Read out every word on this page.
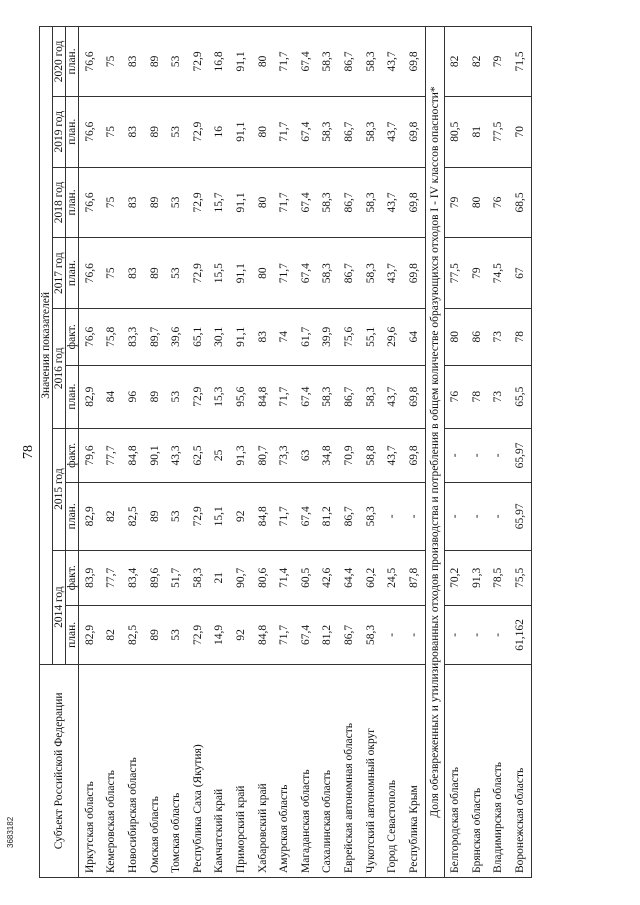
78
Субъект Российской Федерации	Значения показателей									
	2014 год		2015 год		2016 год		2017 год	2018 год	2019 год	2020 год
	план.	факт.	план.	факт.	план.	факт.	план.	план.	план.	план.
Иркутская область	82,9	83,9	82,9	79,6	82,9	76,6	76,6	76,6	76,6	76,6
Кемеровская область	82	77,7	82	77,7	84	75,8	75	75	75	75
Новосибирская область	82,5	83,4	82,5	84,8	96	83,3	83	83	83	83
Омская область	89	89,6	89	90,1	89	89,7	89	89	89	89
Томская область	53	51,7	53	43,3	53	39,6	53	53	53	53
Республика Саха (Якутия)	72,9	58,3	72,9	62,5	72,9	65,1	72,9	72,9	72,9	72,9
Камчатский край	14,9	21	15,1	25	15,3	30,1	15,5	15,7	16	16,8
Приморский край	92	90,7	92	91,3	95,6	91,1	91,1	91,1	91,1	91,1
Хабаровский край	84,8	80,6	84,8	80,7	84,8	83	80	80	80	80
Амурская область	71,7	71,4	71,7	73,3	71,7	74	71,7	71,7	71,7	71,7
Магаданская область	67,4	60,5	67,4	63	67,4	61,7	67,4	67,4	67,4	67,4
Сахалинская область	81,2	42,6	81,2	34,8	58,3	39,9	58,3	58,3	58,3	58,3
Еврейская автономная область	86,7	64,4	86,7	70,9	86,7	75,6	86,7	86,7	86,7	86,7
Чукотский автономный округ	58,3	60,2	58,3	58,8	58,3	55,1	58,3	58,3	58,3	58,3
Город Севастополь	-	24,5	-	43,7	43,7	29,6	43,7	43,7	43,7	43,7
Республика Крым	-	87,8	-	69,8	69,8	64	69,8	69,8	69,8	69,8
Доля обезвреженных и утилизированных отходов производства и потребления в общем количестве образующихся отходов I - IV классов опасности*										
Белгородская область	-	70,2	-	-	76	80	77,5	79	80,5	82
Брянская область	-	91,3	-	-	78	86	79	80	81	82
Владимирская область	-	78,5	-	-	73	73	74,5	76	77,5	79
Воронежская область	61,162	75,5	65,97	65,97	65,5	78	67	68,5	70	71,5
3683182
